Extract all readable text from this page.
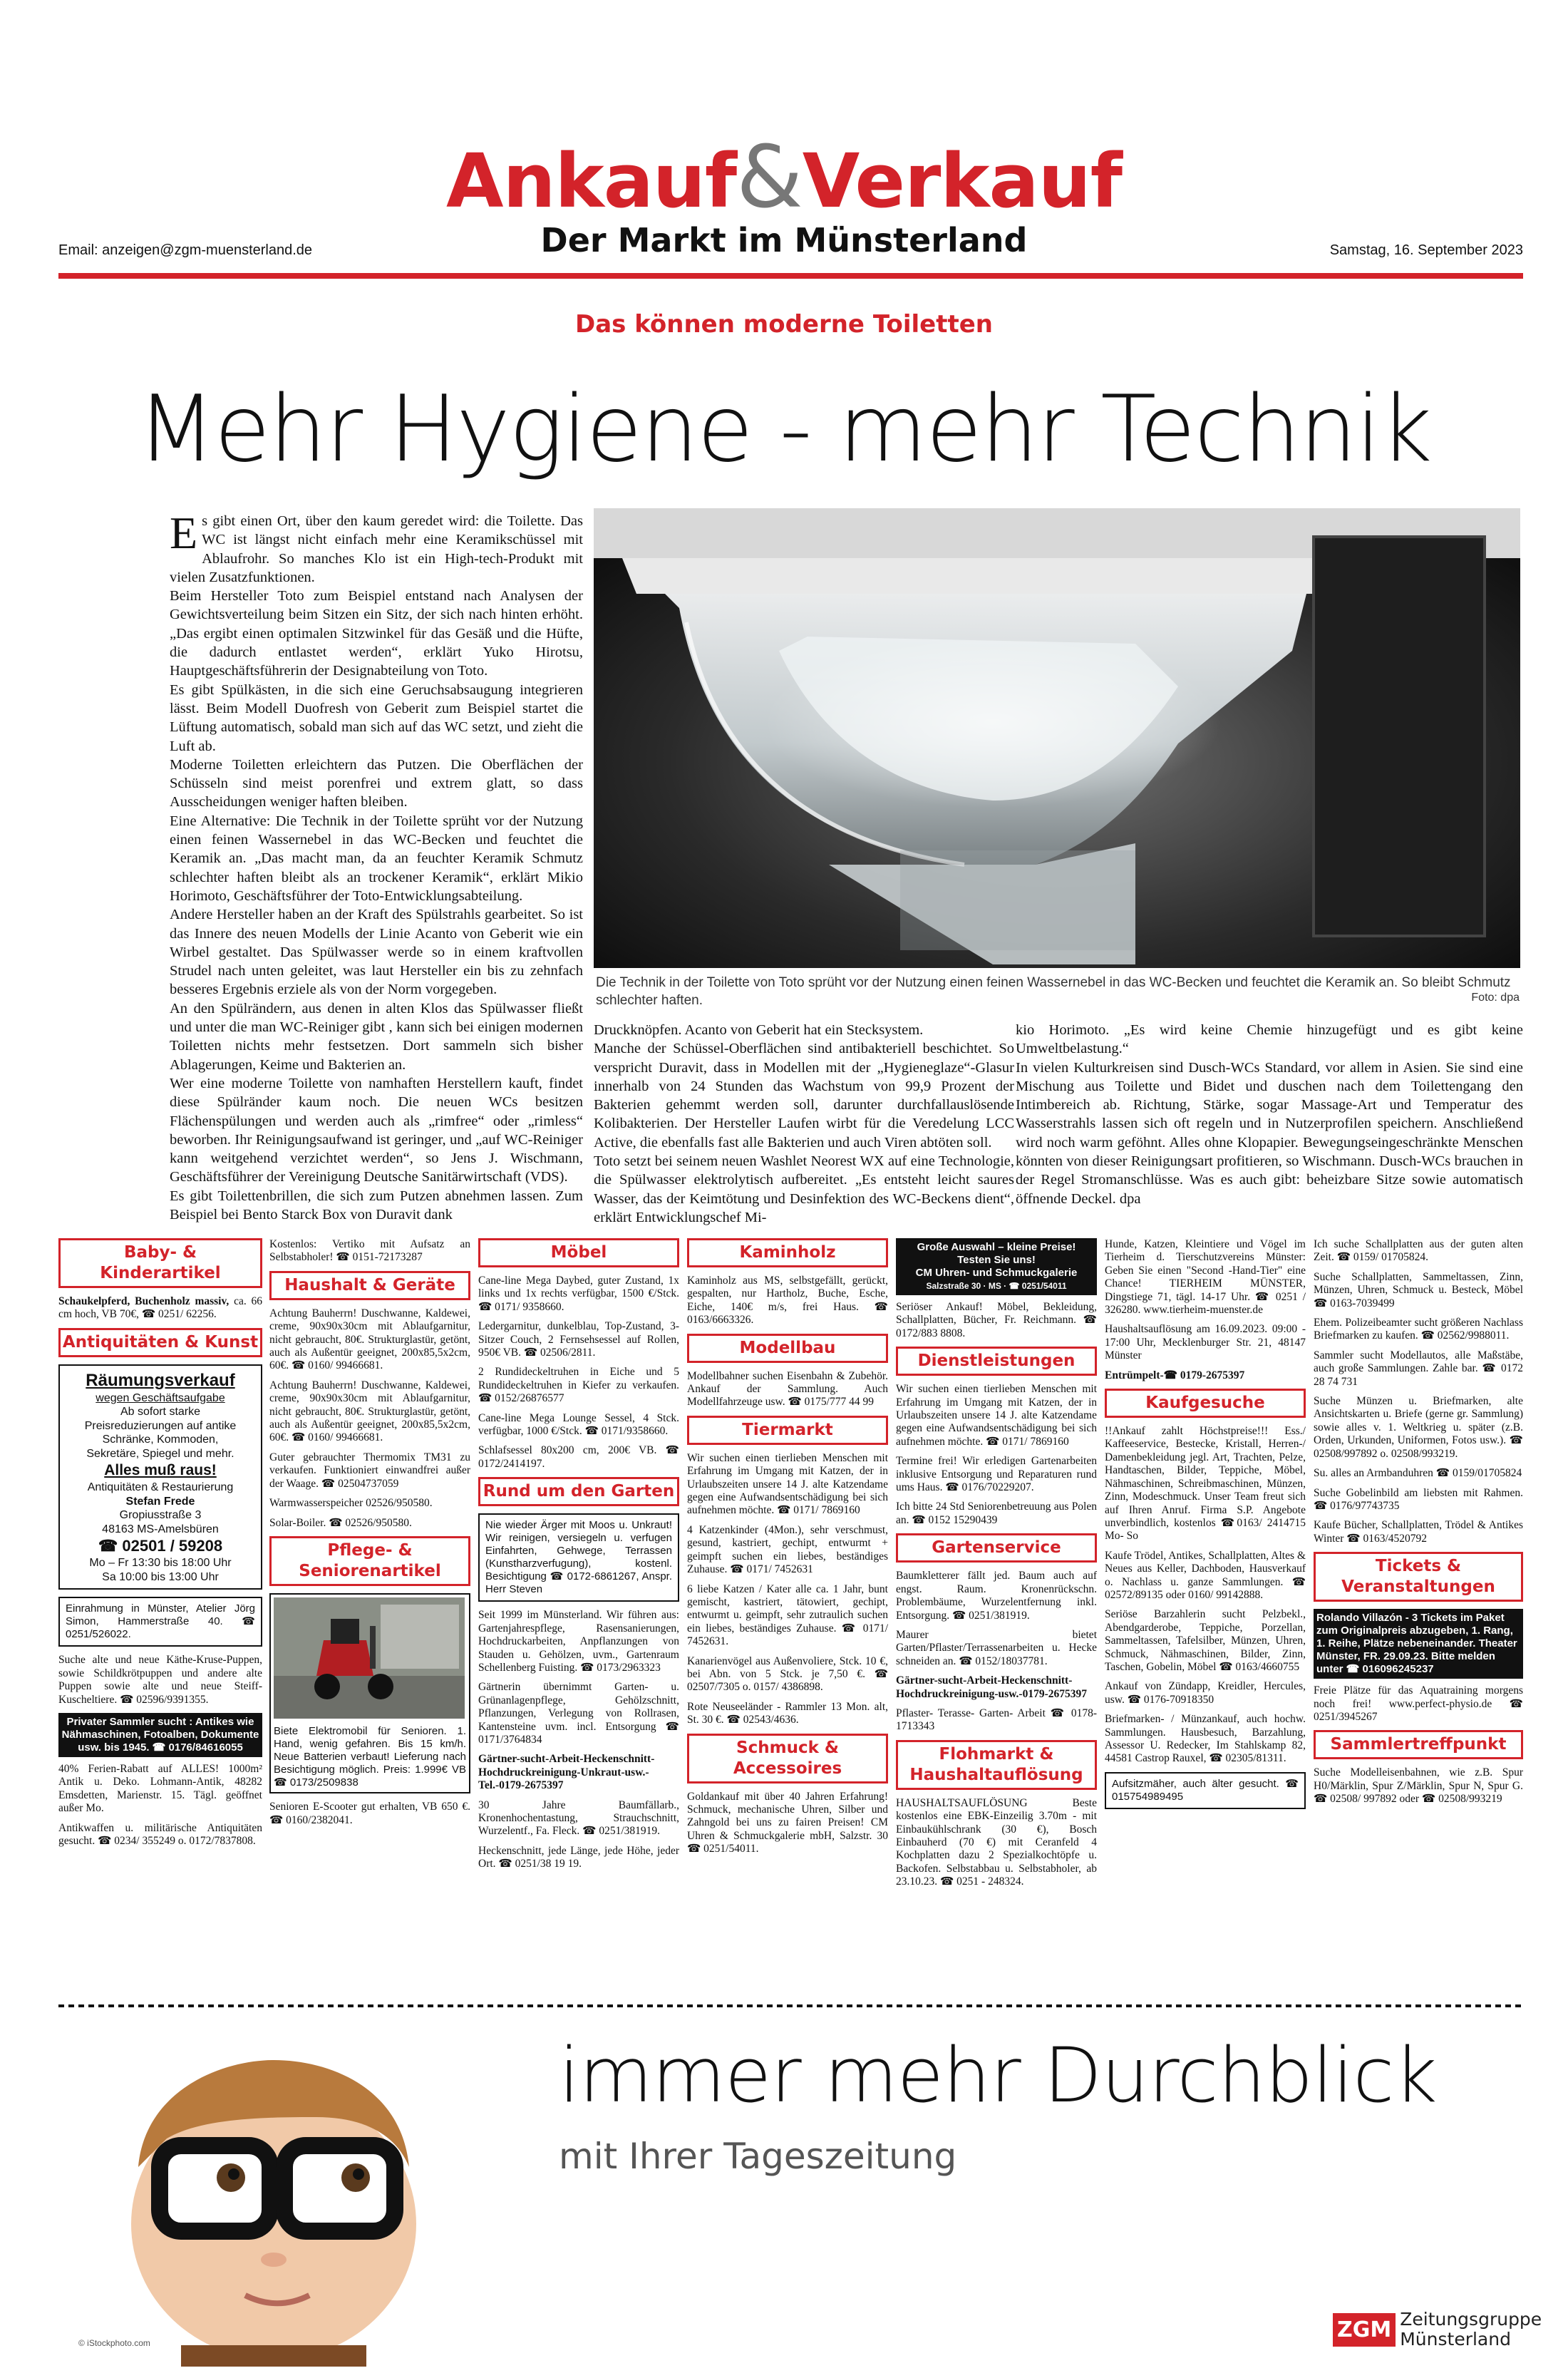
Ankauf&Verkauf
Der Markt im Münsterland
Email: anzeigen@zgm-muensterland.de	Samstag, 16. September 2023
Das können moderne Toiletten
Mehr Hygiene - mehr Technik
E s gibt einen Ort, über den kaum geredet wird: die Toilette. Das WC ist längst nicht einfach mehr eine Keramikschüssel mit Ablaufrohr. So manches Klo ist ein High-tech-Produkt mit vielen Zusatzfunktionen.

Beim Hersteller Toto zum Beispiel entstand nach Analysen der Gewichtsverteilung beim Sitzen ein Sitz, der sich nach hinten erhöht. „Das ergibt einen optimalen Sitzwinkel für das Gesäß und die Hüfte, die dadurch entlastet werden“, erklärt Yuko Hirotsu, Hauptgeschäftsführerin der Designabteilung von Toto.

Es gibt Spülkästen, in die sich eine Geruchsabsaugung integrieren lässt. Beim Modell Duofresh von Geberit zum Beispiel startet die Lüftung automatisch, sobald man sich auf das WC setzt, und zieht die Luft ab.

Moderne Toiletten erleichtern das Putzen. Die Oberflächen der Schüsseln sind meist porenfrei und extrem glatt, so dass Ausscheidungen weniger haften bleiben.

Eine Alternative: Die Technik in der Toilette sprüht vor der Nutzung einen feinen Wassernebel in das WC-Becken und feuchtet die Keramik an. „Das macht man, da an feuchter Keramik Schmutz schlechter haften bleibt als an trockener Keramik“, erklärt Mikio Horimoto, Geschäftsführer der Toto-Entwicklungsabteilung.

Andere Hersteller haben an der Kraft des Spülstrahls gearbeitet. So ist das Innere des neuen Modells der Linie Acanto von Geberit wie ein Wirbel gestaltet. Das Spülwasser werde so in einem kraftvollen Strudel nach unten geleitet, was laut Hersteller ein bis zu zehnfach besseres Ergebnis erziele als von der Norm vorgegeben.

An den Spülrändern, aus denen in alten Klos das Spülwasser fließt und unter die man WC-Reiniger gibt , kann sich bei einigen modernen Toiletten nichts mehr festsetzen. Dort sammeln sich bisher Ablagerungen, Keime und Bakterien an.

Wer eine moderne Toilette von namhaften Herstellern kauft, findet diese Spülränder kaum noch. Die neuen WCs besitzen Flächenspülungen und werden auch als „rimfree“ oder „rimless“ beworben. Ihr Reinigungsaufwand ist geringer, und „auf WC-Reiniger kann weitgehend verzichtet werden“, so Jens J. Wischmann, Geschäftsführer der Vereinigung Deutsche Sanitärwirtschaft (VDS).

Es gibt Toilettenbrillen, die sich zum Putzen abnehmen lassen. Zum Beispiel bei Bento Starck Box von Duravit dank

Die Technik in der Toilette von Toto sprüht vor der Nutzung einen feinen Wassernebel in das WC-Becken und feuchtet die Keramik an. So bleibt Schmutz schlechter haften.	Foto: dpa

Druckknöpfen. Acanto von Geberit hat ein Stecksystem.

Manche der Schüssel-Oberflächen sind antibakteriell beschichtet. So verspricht Duravit, dass in Modellen mit der „Hygieneglaze“-Glasur innerhalb von 24 Stunden das Wachstum von 99,9 Prozent der Bakterien gehemmt werden soll, darunter durchfallauslösende Kolibakterien. Der Hersteller Laufen wirbt für die Veredelung LCC Active, die ebenfalls fast alle Bakterien und auch Viren abtöten soll.

Toto setzt bei seinem neuen Washlet Neorest WX auf eine Technologie, die Spülwasser elektrolytisch aufbereitet. „Es entsteht leicht saures Wasser, das der Keimtötung und Desinfektion des WC-Beckens dient“, erklärt Entwicklungschef Mi-

kio Horimoto. „Es wird keine Chemie hinzugefügt und es gibt keine Umweltbelastung.“

In vielen Kulturkreisen sind Dusch-WCs Standard, vor allem in Asien. Sie sind eine Mischung aus Toilette und Bidet und duschen nach dem Toilettengang den Intimbereich ab. Richtung, Stärke, sogar Massage-Art und Temperatur des Wasserstrahls lassen sich oft regeln und in Nutzerprofilen speichern. Anschließend wird noch warm geföhnt. Alles ohne Klopapier. Bewegungseingeschränkte Menschen könnten von dieser Reinigungsart profitieren, so Wischmann. Dusch-WCs brauchen in der Regel Stromanschlüsse. Was es auch gibt: beheizbare Sitze sowie automatisch öffnende Deckel. dpa

Baby- & Kinderartikel

Schaukelpferd, Buchenholz massiv, ca. 66 cm hoch, VB 70€, ☎ 0251/ 62256.

Antiquitäten & Kunst
Räumungsverkauf
wegen Geschäftsaufgabe
Ab sofort starke
Preisreduzierungen auf antike
Schränke, Kommoden,
Sekretäre, Spiegel und mehr.
Alles muß raus!
Antiquitäten & Restaurierung
Stefan Frede
Gropiusstraße 3
48163 MS-Amelsbüren
☎ 02501 / 59208
Mo – Fr 13:30 bis 18:00 Uhr
Sa 10:00 bis 13:00 Uhr
Einrahmung in Münster, Atelier Jörg Simon, Hammerstraße 40. ☎ 0251/526022.

Suche alte und neue Käthe-Kruse-Puppen, sowie Schildkrötpuppen und andere alte Puppen sowie alte und neue Steiff-Kuscheltiere. ☎ 02596/9391355.

Privater Sammler sucht : Antikes wie Nähmaschinen, Fotoalben, Dokumente usw. bis 1945. ☎ 0176/84616055

40% Ferien-Rabatt auf ALLES! 1000m² Antik u. Deko. Lohmann-Antik, 48282 Emsdetten, Marienstr. 15. Tägl. geöffnet außer Mo.

Antikwaffen u. militärische Antiquitäten gesucht. ☎ 0234/ 355249 o. 0172/7837808.

Kostenlos: Vertiko mit Aufsatz an Selbstabholer! ☎ 0151-72173287

Haushalt & Geräte

Achtung Bauherrn! Duschwanne, Kaldewei, creme, 90x90x30cm mit Ablaufgarnitur, nicht gebraucht, 80€. Strukturglastür, getönt, auch als Außentür geeignet, 200x85,5x2cm, 60€. ☎ 0160/ 99466681.

Achtung Bauherrn! Duschwanne, Kaldewei, creme, 90x90x30cm mit Ablaufgarnitur, nicht gebraucht, 80€. Strukturglastür, getönt, auch als Außentür geeignet, 200x85,5x2cm, 60€. ☎ 0160/ 99466681.

Guter gebrauchter Thermomix TM31 zu verkaufen. Funktioniert einwandfrei außer der Waage. ☎ 02504737059

Warmwasserspeicher 02526/950580.

Solar-Boiler. ☎ 02526/950580.

Pflege- & Seniorenartikel
Biete Elektromobil für Senioren. 1. Hand, wenig gefahren. Bis 15 km/h. Neue Batterien verbaut! Lieferung nach Besichtigung möglich. Preis: 1.999€ VB ☎ 0173/2509838

Senioren E-Scooter gut erhalten, VB 650 €. ☎ 0160/2382041.

Möbel

Cane-line Mega Daybed, guter Zustand, 1x links und 1x rechts verfügbar, 1500 €/Stck. ☎ 0171/ 9358660.

Ledergarnitur, dunkelblau, Top-Zustand, 3-Sitzer Couch, 2 Fernsehsessel auf Rollen, 950€ VB. ☎ 02506/2811.

2 Rundideckeltruhen in Eiche und 5 Rundideckeltruhen in Kiefer zu verkaufen. ☎ 0152/26876577

Cane-line Mega Lounge Sessel, 4 Stck. verfügbar, 1000 €/Stck. ☎ 0171/9358660.

Schlafsessel 80x200 cm, 200€ VB. ☎ 0172/2414197.

Rund um den Garten
Nie wieder Ärger mit Moos u. Unkraut! Wir reinigen, versiegeln u. verfugen Einfahrten, Gehwege, Terrassen (Kunstharzverfugung), kostenl. Besichtigung ☎ 0172-6861267, Anspr. Herr Steven

Seit 1999 im Münsterland. Wir führen aus: Gartenjahrespflege, Rasensanierungen, Hochdruckarbeiten, Anpflanzungen von Stauden u. Gehölzen, uvm., Gartenraum Schellenberg Fuisting. ☎ 0173/2963323

Gärtnerin übernimmt Garten- u. Grünanlagenpflege, Gehölzschnitt, Pflanzungen, Verlegung von Rollrasen, Kantensteine uvm. incl. Entsorgung ☎ 0171/3764834

Gärtner-sucht-Arbeit-Heckenschnitt-Hochdruckreinigung-Unkraut-usw.-Tel.-0179-2675397

30 Jahre Baumfällarb., Kronenhochentastung, Strauchschnitt, Wurzelentf., Fa. Fleck. ☎ 0251/381919.

Heckenschnitt, jede Länge, jede Höhe, jeder Ort. ☎ 0251/38 19 19.

Kaminholz

Kaminholz aus MS, selbstgefällt, gerückt, gespalten, nur Hartholz, Buche, Esche, Eiche, 140€ m/s, frei Haus. ☎ 0163/6663326.

Modellbau

Modellbahner suchen Eisenbahn & Zubehör. Ankauf der Sammlung. Auch Modellfahrzeuge usw. ☎ 0175/777 44 99

Tiermarkt

Wir suchen einen tierlieben Menschen mit Erfahrung im Umgang mit Katzen, der in Urlaubszeiten unsere 14 J. alte Katzendame gegen eine Aufwandsentschädigung bei sich aufnehmen möchte. ☎ 0171/ 7869160

4 Katzenkinder (4Mon.), sehr verschmust, gesund, kastriert, gechipt, entwurmt + geimpft suchen ein liebes, beständiges Zuhause. ☎ 0171/ 7452631

6 liebe Katzen / Kater alle ca. 1 Jahr, bunt gemischt, kastriert, tätowiert, gechipt, entwurmt u. geimpft, sehr zutraulich suchen ein liebes, beständiges Zuhause. ☎ 0171/ 7452631.

Kanarienvögel aus Außenvoliere, Stck. 10 €, bei Abn. von 5 Stck. je 7,50 €. ☎ 02507/7305 o. 0157/ 4386898.

Rote Neuseeländer - Rammler 13 Mon. alt, St. 30 €. ☎ 02543/4636.

Schmuck & Accessoires

Goldankauf mit über 40 Jahren Erfahrung! Schmuck, mechanische Uhren, Silber und Zahngold bei uns zu fairen Preisen! CM Uhren & Schmuckgalerie mbH, Salzstr. 30 ☎ 0251/54011.

Große Auswahl – kleine Preise!
Testen Sie uns!
CM Uhren- und Schmuckgalerie
Salzstraße 30 · MS · ☎ 0251/54011

Seriöser Ankauf! Möbel, Bekleidung, Schallplatten, Bücher, Fr. Reichmann. ☎ 0172/883 8808.

Dienstleistungen

Wir suchen einen tierlieben Menschen mit Erfahrung im Umgang mit Katzen, der in Urlaubszeiten unsere 14 J. alte Katzendame gegen eine Aufwandsentschädigung bei sich aufnehmen möchte. ☎ 0171/ 7869160

Termine frei! Wir erledigen Gartenarbeiten inklusive Entsorgung und Reparaturen rund ums Haus. ☎ 0176/70229207.

Ich bitte 24 Std Seniorenbetreuung aus Polen an. ☎ 0152 15290439

Gartenservice

Baumkletterer fällt jed. Baum auch auf engst. Raum. Kronenrückschn. Problembäume, Wurzelentfernung inkl. Entsorgung. ☎ 0251/381919.

Maurer bietet Garten/Pflaster/Terrassenarbeiten u. Hecke schneiden an. ☎ 0152/18037781.

Gärtner-sucht-Arbeit-Heckenschnitt-Hochdruckreinigung-usw.-0179-2675397

Pflaster- Terasse- Garten- Arbeit ☎ 0178-1713343

Flohmarkt & Haushaltauflösung

HAUSHALTSAUFLÖSUNG Beste kostenlos eine EBK-Einzeilig 3.70m - mit Einbaukühlschrank (30 €), Bosch Einbauherd (70 €) mit Ceranfeld 4 Kochplatten dazu 2 Spezialkochtöpfe u. Backofen. Selbstabbau u. Selbstabholer, ab 23.10.23. ☎ 0251 - 248324.

Hunde, Katzen, Kleintiere und Vögel im Tierheim d. Tierschutzvereins Münster: Geben Sie einen "Second -Hand-Tier" eine Chance! TIERHEIM MÜNSTER, Dingstiege 71, tägl. 14-17 Uhr. ☎ 0251 / 326280. www.tierheim-muenster.de

Haushaltsauflösung am 16.09.2023. 09:00 - 17:00 Uhr, Mecklenburger Str. 21, 48147 Münster

Entrümpelt-☎ 0179-2675397

Kaufgesuche

!!Ankauf zahlt Höchstpreise!!! Ess./ Kaffeeservice, Bestecke, Kristall, Herren-/ Damenbekleidung jegl. Art, Trachten, Pelze, Handtaschen, Bilder, Teppiche, Möbel, Nähmaschinen, Schreibmaschinen, Münzen, Zinn, Modeschmuck. Unser Team freut sich auf Ihren Anruf. Firma S.P. Angebote unverbindlich, kostenlos ☎0163/ 2414715 Mo- So

Kaufe Trödel, Antikes, Schallplatten, Altes & Neues aus Keller, Dachboden, Hausverkauf o. Nachlass u. ganze Sammlungen. ☎ 02572/89135 oder 0160/ 99142888.

Seriöse Barzahlerin sucht Pelzbekl., Abendgarderobe, Teppiche, Porzellan, Sammeltassen, Tafelsilber, Münzen, Uhren, Schmuck, Nähmaschinen, Bilder, Zinn, Taschen, Gobelin, Möbel ☎ 0163/4660755

Ankauf von Zündapp, Kreidler, Hercules, usw. ☎ 0176-70918350

Briefmarken- / Münzankauf, auch hochw. Sammlungen. Hausbesuch, Barzahlung, Assessor U. Redecker, Im Stahlskamp 82, 44581 Castrop Rauxel, ☎ 02305/81311.

Aufsitzmäher, auch älter gesucht. ☎ 015754989495

Ich suche Schallplatten aus der guten alten Zeit. ☎ 0159/ 01705824.

Suche Schallplatten, Sammeltassen, Zinn, Münzen, Uhren, Schmuck u. Besteck, Möbel ☎ 0163-7039499

Ehem. Polizeibeamter sucht größeren Nachlass Briefmarken zu kaufen. ☎ 02562/9988011.

Sammler sucht Modellautos, alle Maßstäbe, auch große Sammlungen. Zahle bar. ☎ 0172 28 74 731

Suche Münzen u. Briefmarken, alte Ansichtskarten u. Briefe (gerne gr. Sammlung) sowie alles v. 1. Weltkrieg u. später (z.B. Orden, Urkunden, Uniformen, Fotos usw.). ☎ 02508/997892 o. 02508/993219.

Su. alles an Armbanduhren ☎ 0159/01705824

Suche Gobelinbild am liebsten mit Rahmen. ☎ 0176/97743735

Kaufe Bücher, Schallplatten, Trödel & Antikes Winter ☎ 0163/4520792

Tickets & Veranstaltungen
Rolando Villazón - 3 Tickets im Paket zum Originalpreis abzugeben, 1. Rang, 1. Reihe, Plätze nebeneinander. Theater Münster, FR. 29.09.23. Bitte melden unter ☎ 016096245237

Freie Plätze für das Aquatraining morgens noch frei! www.perfect-physio.de ☎ 0251/3945267

Sammlertreffpunkt

Suche Modelleisenbahnen, wie z.B. Spur H0/Märklin, Spur Z/Märklin, Spur N, Spur G. ☎ 02508/ 997892 oder ☎ 02508/993219

immer mehr Durchblick
mit Ihrer Tageszeitung
© iStockphoto.com
ZGM Zeitungsgruppe
Münsterland
